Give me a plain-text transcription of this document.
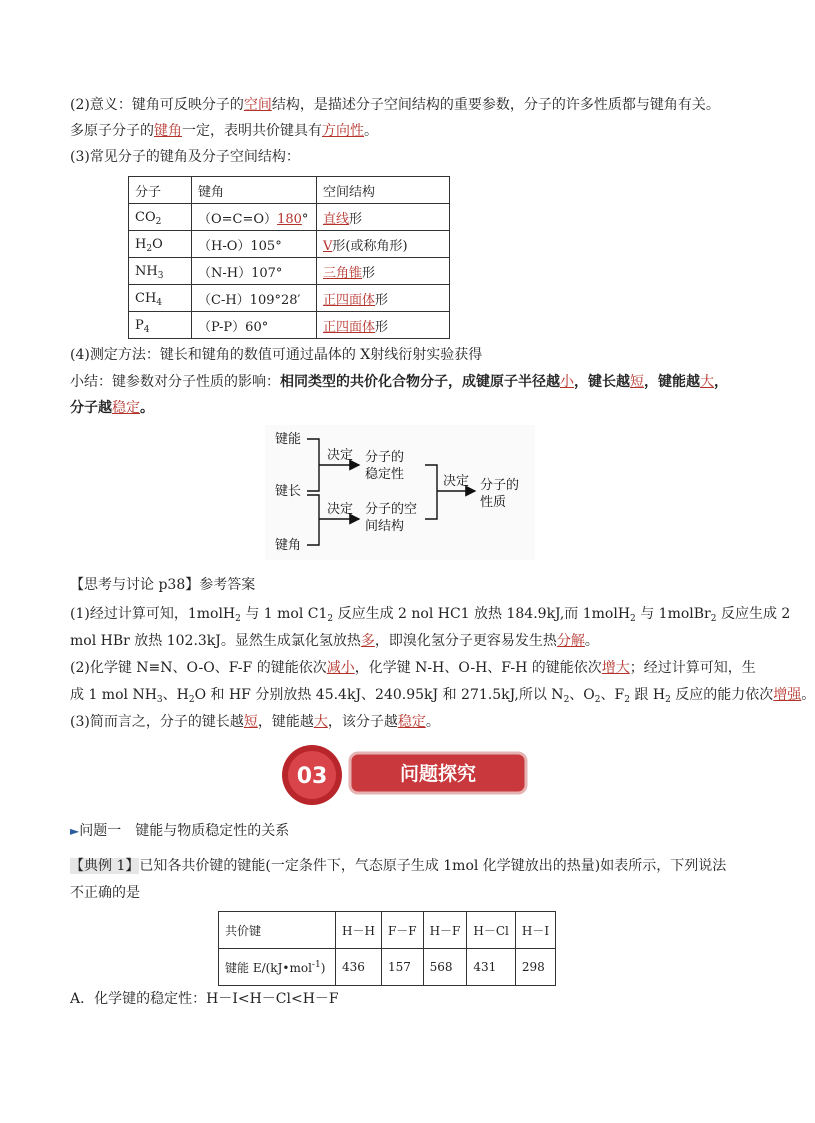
(2)意义：键角可反映分子的空间结构，是描述分子空间结构的重要参数，分子的许多性质都与键角有关。
多原子分子的键角一定，表明共价键具有方向性。
(3)常见分子的键角及分子空间结构：
分子	键角	空间结构
$CO_2$	（O=C=O）180°	直线形
$H_2O$	（H-O）105°	V形(或称角形)
$NH_3$	（N-H）107°	三角锥形
$CH_4$	（C-H）109°28′	正四面体形
$P_4$	（P-P）60°	正四面体形
(4)测定方法：键长和键角的数值可通过晶体的 X射线衍射实验获得
小结：键参数对分子性质的影响：相同类型的共价化合物分子，成键原子半径越小，键长越短，键能越大，
分子越稳定。
键能
键长
键角
决定
决定
分子的
稳定性
分子的空
间结构
决定 分子的
性质
【思考与讨论 p38】参考答案
(1)经过计算可知，1molH$_2$ 与 1 mol $C1_2$ 反应生成 2 nol HC1 放热 184.9kJ,而 1molH$_2$ 与 1molBr$_2$ 反应生成 2
mol HBr 放热 102.3kJ。显然生成氯化氢放热多，即溴化氢分子更容易发生热分解。
(2)化学键 N≡N、O-O、F-F 的键能依次减小，化学键 N-H、O-H、F-H 的键能依次增大；经过计算可知，生
成 1 mol $NH_3$、$H_2O$ 和 HF 分别放热 45.4kJ、240.95kJ 和 271.5kJ,所以 $N_2$、$O_2$、$F_2$ 跟 $H_2$ 反应的能力依次增强。
(3)简而言之，分子的键长越短，键能越大，该分子越稳定。
03	问题探究
►问题一　键能与物质稳定性的关系
【典例 1】已知各共价键的键能(一定条件下，气态原子生成 1mol 化学键放出的热量)如表所示，下列说法
不正确的是
共价键	H－H	F－F	H－F	H－Cl	H－I
键能 E/(kJ•mol$^{-1}$)	436	157	568	431	298
A．化学键的稳定性：H－I<H－Cl<H－F
